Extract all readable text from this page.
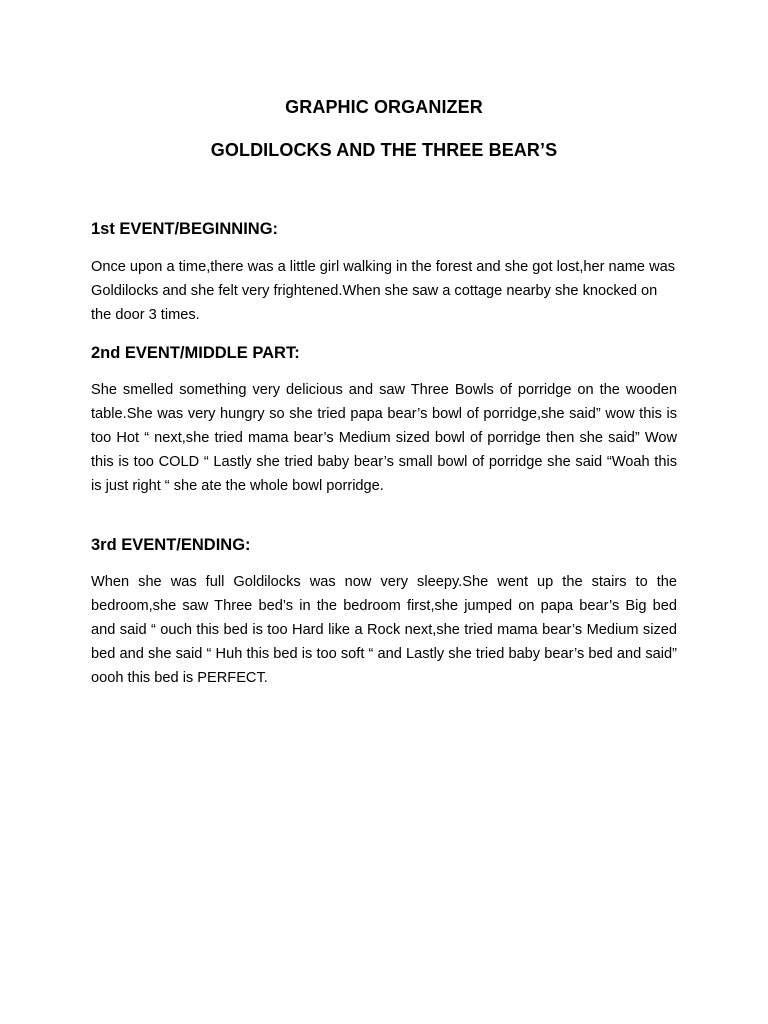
GRAPHIC ORGANIZER
GOLDILOCKS AND THE THREE BEAR’S
1st EVENT/BEGINNING:

Once upon a time,there was a little girl walking in the forest and she got lost,her name was Goldilocks and she felt very frightened.When she saw a cottage nearby she knocked on the door 3 times.

2nd EVENT/MIDDLE PART:

She smelled something very delicious and saw Three Bowls of porridge on the wooden table.She was very hungry so she tried papa bear’s bowl of porridge,she said” wow this is too Hot “ next,she tried mama bear’s Medium sized bowl of porridge then she said” Wow this is too COLD “ Lastly she tried baby bear’s small bowl of porridge she said “Woah this is just right “ she ate the whole bowl porridge.

3rd EVENT/ENDING:

When she was full Goldilocks was now very sleepy.She went up the stairs to the bedroom,she saw Three bed’s in the bedroom first,she jumped on papa bear’s Big bed and said “ ouch this bed is too Hard like a Rock next,she tried mama bear’s Medium sized bed and she said “ Huh this bed is too soft “ and Lastly she tried baby bear’s bed and said” oooh this bed is PERFECT.
